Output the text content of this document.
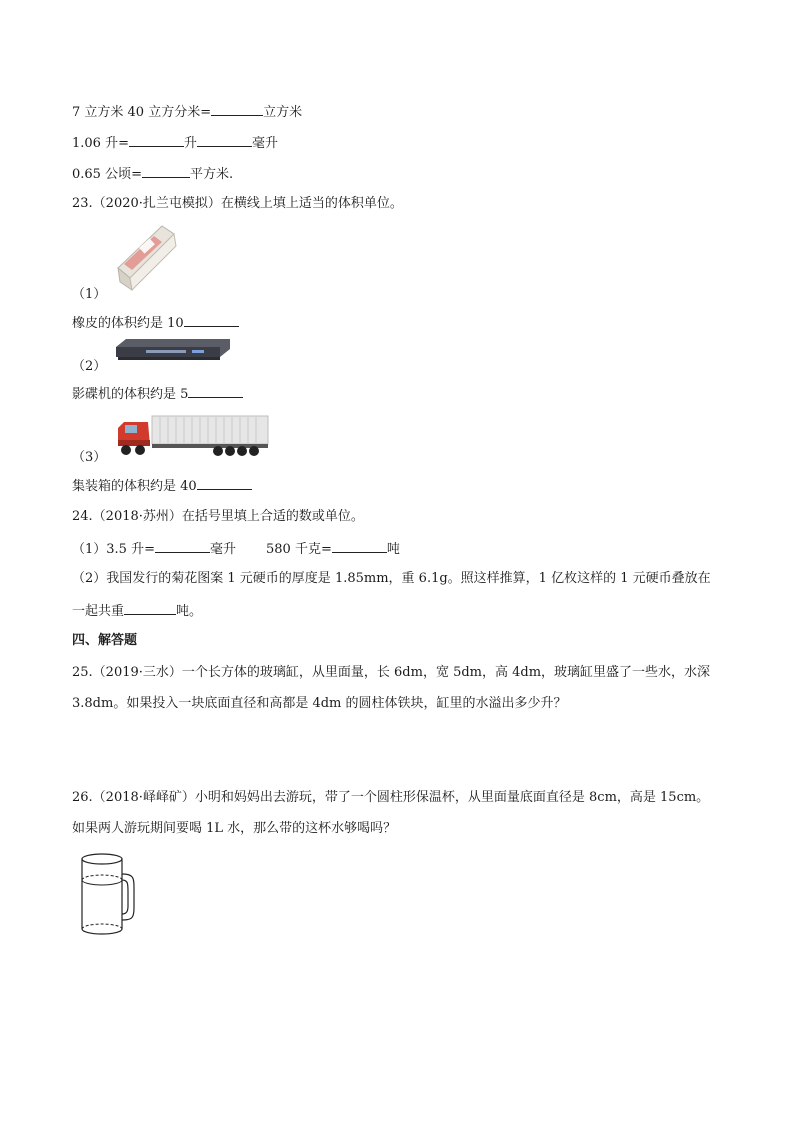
7 立方米 40 立方分米=	立方米
1.06 升=	升	毫升
0.65 公顷=	平方米.
23.（2020·扎兰屯模拟）在横线上填上适当的体积单位。
（1）
橡皮的体积约是 10
（2）
影碟机的体积约是 5
（3）
集装箱的体积约是 40
24.（2018·苏州）在括号里填上合适的数或单位。
（1）3.5 升=	毫升 580 千克=	吨
（2）我国发行的菊花图案 1 元硬币的厚度是 1.85mm，重 6.1g。照这样推算，1 亿枚这样的 1 元硬币叠放在
一起共重	吨。
四、解答题
25.（2019·三水）一个长方体的玻璃缸，从里面量，长 6dm，宽 5dm，高 4dm，玻璃缸里盛了一些水，水深
3.8dm。如果投入一块底面直径和高都是 4dm 的圆柱体铁块，缸里的水溢出多少升？
26.（2018·峄峄矿）小明和妈妈出去游玩，带了一个圆柱形保温杯，从里面量底面直径是 8cm，高是 15cm。
如果两人游玩期间要喝 1L 水，那么带的这杯水够喝吗？
